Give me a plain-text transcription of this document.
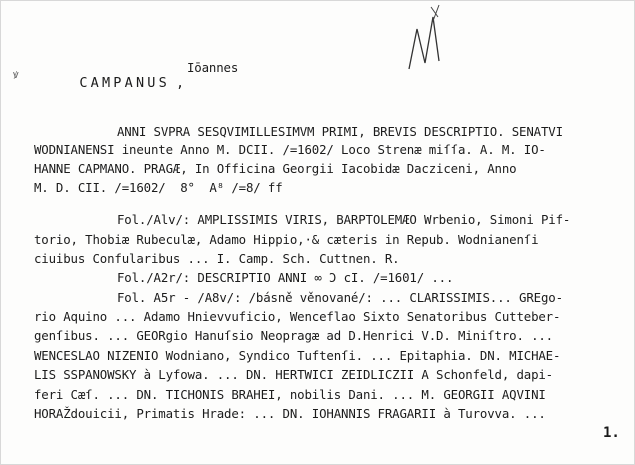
ꝟ

CAMPANUS ,

Iōannes
ANNI SVPRA SESQVIMILLESIMVM PRIMI, BREVIS DESCRIPTIO. SENATVI
WODNIANENSI ineunte Anno M. DCII. /=1602/ Loco Strenæ miſſa. A. M. IO-
HANNE CAPMANO. PRAGÆ, In Officina Georgii Iacobidæ Dacziceni, Anno
M. D. CII. /=1602/  8°  A⁸ /=8/ ff
Fol./Alv/: AMPLISSIMIS VIRIS, BARPTOLEMÆO Wrbenio, Simoni Pif-
torio, Thobiæ Rubeculæ, Adamo Hippio,·& cæteris in Repub. Wodnianenſi
ciuibus Confularibus ... I. Camp. Sch. Cuttnen. R.
Fol./A2r/: DESCRIPTIO ANNI ∞ Ɔ cI. /=1601/ ...
Fol. A5r - /A8v/: /básně věnované/: ... CLARISSIMIS... GREgo-
rio Aquino ... Adamo Hnievvuficio, Wenceflao Sixto Senatoribus Cutteber-
genſibus. ... GEORgio Hanuſsio Neopragæ ad D.Henrici V.D. Miniſtro. ...
WENCESLAO NIZENIO Wodniano, Syndico Tuftenſi. ... Epitaphia. DN. MICHAE-
LIS SSPANOWSKY à Lyfowa. ... DN. HERTWICI ZEIDLICZII A Schonfeld, dapi-
feri Cæſ. ... DN. TICHONIS BRAHEI, nobilis Dani. ... M. GEORGII AQVINI
HORAŽdouicii, Primatis Hrade: ... DN. IOHANNIS FRAGARII à Turovva. ...
1.
